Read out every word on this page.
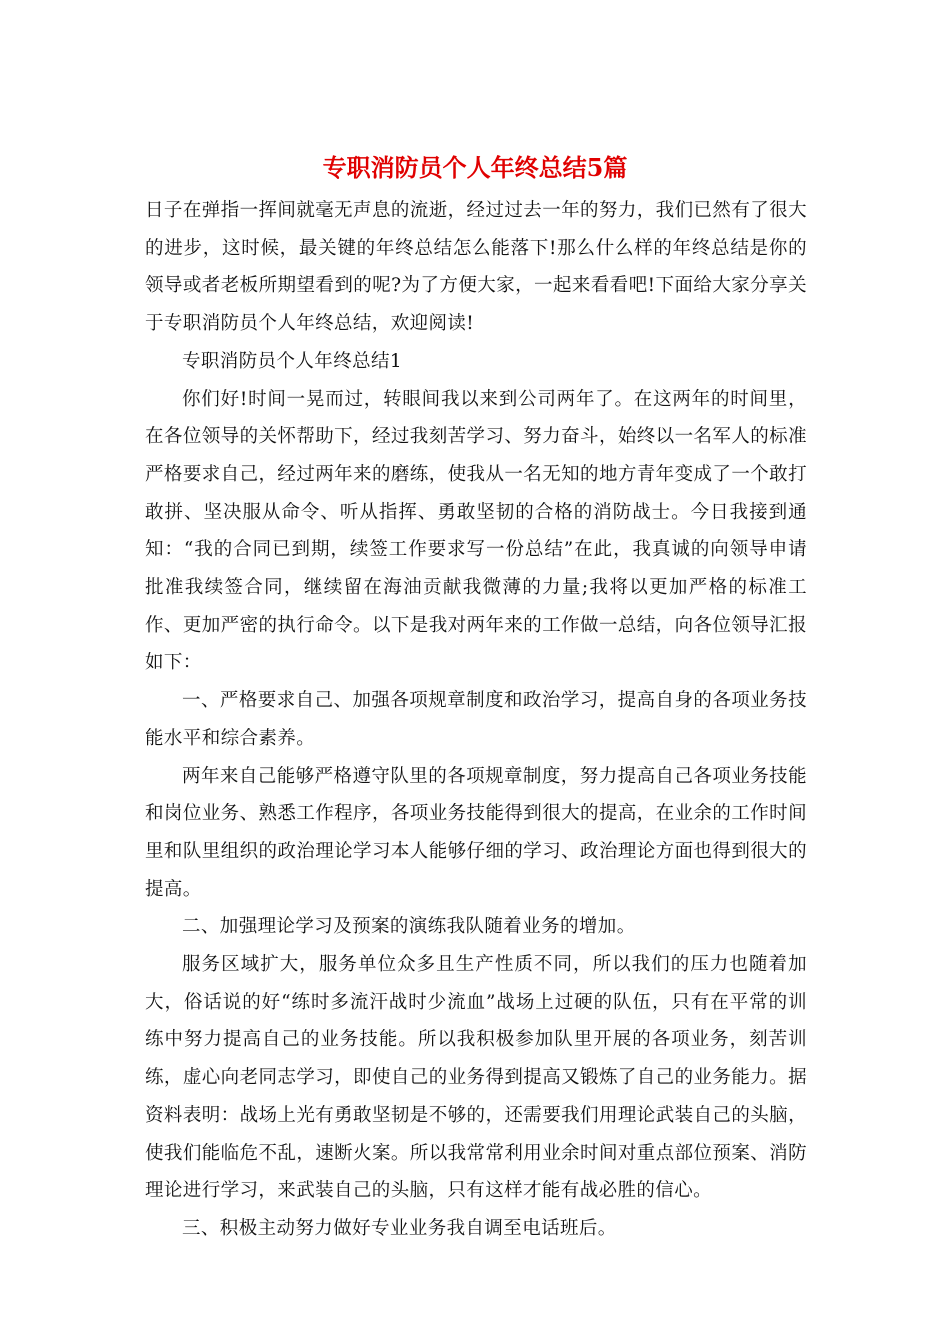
专职消防员个人年终总结5篇

日子在弹指一挥间就毫无声息的流逝，经过过去一年的努力，我们已然有了很大的进步，这时候，最关键的年终总结怎么能落下!那么什么样的年终总结是你的领导或者老板所期望看到的呢?为了方便大家，一起来看看吧!下面给大家分享关于专职消防员个人年终总结，欢迎阅读!

专职消防员个人年终总结1

你们好!时间一晃而过，转眼间我以来到公司两年了。在这两年的时间里，在各位领导的关怀帮助下，经过我刻苦学习、努力奋斗，始终以一名军人的标准严格要求自己，经过两年来的磨练，使我从一名无知的地方青年变成了一个敢打敢拼、坚决服从命令、听从指挥、勇敢坚韧的合格的消防战士。今日我接到通知：“我的合同已到期，续签工作要求写一份总结”在此，我真诚的向领导申请批准我续签合同，继续留在海油贡献我微薄的力量;我将以更加严格的标准工作、更加严密的执行命令。以下是我对两年来的工作做一总结，向各位领导汇报如下：

一、严格要求自己、加强各项规章制度和政治学习，提高自身的各项业务技能水平和综合素养。

两年来自己能够严格遵守队里的各项规章制度，努力提高自己各项业务技能和岗位业务、熟悉工作程序，各项业务技能得到很大的提高，在业余的工作时间里和队里组织的政治理论学习本人能够仔细的学习、政治理论方面也得到很大的提高。

二、加强理论学习及预案的演练我队随着业务的增加。

服务区域扩大，服务单位众多且生产性质不同，所以我们的压力也随着加大，俗话说的好“练时多流汗战时少流血”战场上过硬的队伍，只有在平常的训练中努力提高自己的业务技能。所以我积极参加队里开展的各项业务，刻苦训练，虚心向老同志学习，即使自己的业务得到提高又锻炼了自己的业务能力。据资料表明：战场上光有勇敢坚韧是不够的，还需要我们用理论武装自己的头脑，使我们能临危不乱，速断火案。所以我常常利用业余时间对重点部位预案、消防理论进行学习，来武装自己的头脑，只有这样才能有战必胜的信心。

三、积极主动努力做好专业业务我自调至电话班后。
